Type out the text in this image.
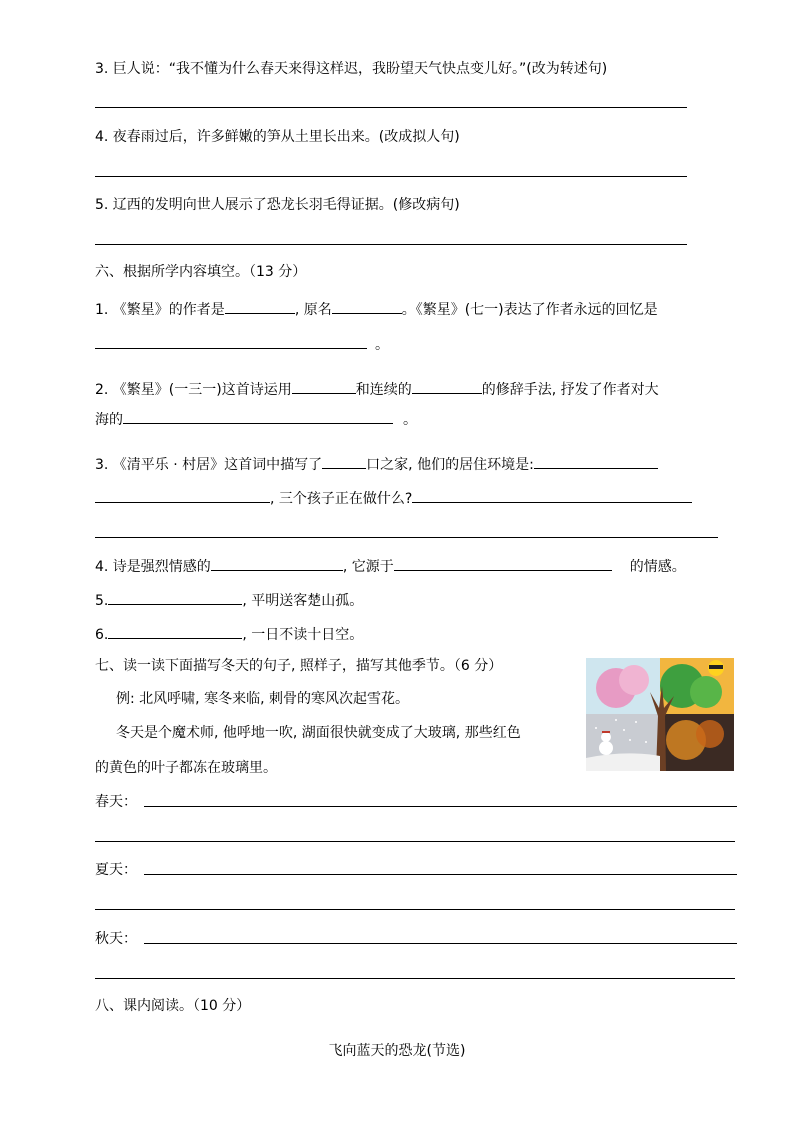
3. 巨人说：“我不懂为什么春天来得这样迟，我盼望天气快点变儿好。”(改为转述句)
4. 夜春雨过后，许多鲜嫩的笋从土里长出来。(改成拟人句)
5. 辽西的发明向世人展示了恐龙长羽毛得证据。(修改病句)
六、根据所学内容填空。（13 分）
1. 《繁星》的作者是	, 原名	。《繁星》(七一)表达了作者永远的回忆是
。
2. 《繁星》(一三一)这首诗运用	和连续的	的修辞手法, 抒发了作者对大
海的	。
3. 《清平乐 · 村居》这首词中描写了	口之家, 他们的居住环境是:
, 三个孩子正在做什么?
4. 诗是强烈情感的	, 它源于	的情感。
5.	, 平明送客楚山孤。
6.	, 一日不读十日空。
七、读一读下面描写冬天的句子, 照样子，描写其他季节。（6 分）
例: 北风呼啸, 寒冬来临, 刺骨的寒风次起雪花。
冬天是个魔术师, 他呼地一吹, 湖面很快就变成了大玻璃, 那些红色
的黄色的叶子都冻在玻璃里。
春天：
夏天：
秋天：
八、课内阅读。（10 分）
飞向蓝天的恐龙(节选)
